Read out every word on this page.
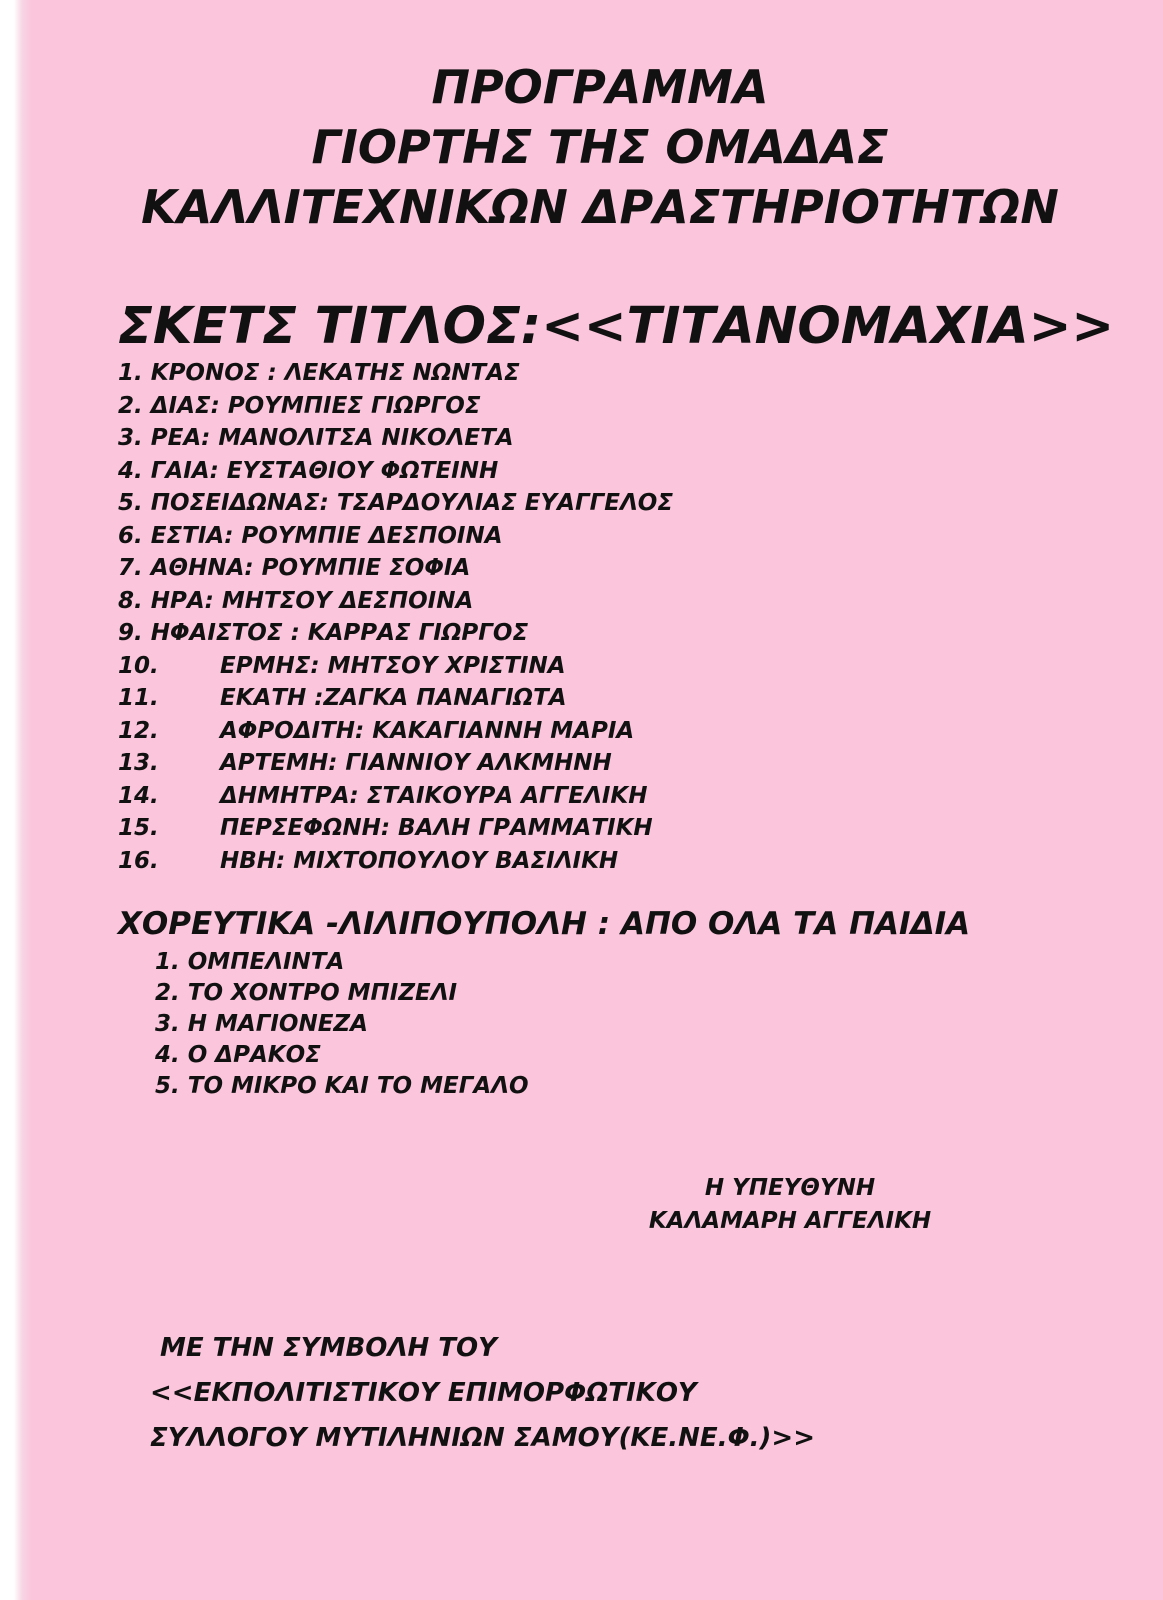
ΠΡΟΓΡΑΜΜΑ
ΓΙΟΡΤΗΣ ΤΗΣ ΟΜΑΔΑΣ
ΚΑΛΛΙΤΕΧΝΙΚΩΝ ΔΡΑΣΤΗΡΙΟΤΗΤΩΝ
ΣΚΕΤΣ ΤΙΤΛΟΣ:<<ΤΙΤΑΝΟΜΑΧΙΑ>>
1. ΚΡΟΝΟΣ : ΛΕΚΑΤΗΣ ΝΩΝΤΑΣ
2. ΔΙΑΣ: ΡΟΥΜΠΙΕΣ ΓΙΩΡΓΟΣ
3. ΡΕΑ: ΜΑΝΟΛΙΤΣΑ ΝΙΚΟΛΕΤΑ
4. ΓΑΙΑ: ΕΥΣΤΑΘΙΟΥ ΦΩΤΕΙΝΗ
5. ΠΟΣΕΙΔΩΝΑΣ: ΤΣΑΡΔΟΥΛΙΑΣ ΕΥΑΓΓΕΛΟΣ
6. ΕΣΤΙΑ: ΡΟΥΜΠΙΕ ΔΕΣΠΟΙΝΑ
7. ΑΘΗΝΑ: ΡΟΥΜΠΙΕ ΣΟΦΙΑ
8. ΗΡΑ: ΜΗΤΣΟΥ ΔΕΣΠΟΙΝΑ
9. ΗΦΑΙΣΤΟΣ : ΚΑΡΡΑΣ ΓΙΩΡΓΟΣ
10.	ΕΡΜΗΣ: ΜΗΤΣΟΥ ΧΡΙΣΤΙΝΑ
11.	ΕΚΑΤΗ :ΖΑΓΚΑ ΠΑΝΑΓΙΩΤΑ
12.	ΑΦΡΟΔΙΤΗ: ΚΑΚΑΓΙΑΝΝΗ ΜΑΡΙΑ
13.	ΑΡΤΕΜΗ: ΓΙΑΝΝΙΟΥ ΑΛΚΜΗΝΗ
14.	ΔΗΜΗΤΡΑ: ΣΤΑΙΚΟΥΡΑ ΑΓΓΕΛΙΚΗ
15.	ΠΕΡΣΕΦΩΝΗ: ΒΑΛΗ ΓΡΑΜΜΑΤΙΚΗ
16.	ΗΒΗ: ΜΙΧΤΟΠΟΥΛΟΥ ΒΑΣΙΛΙΚΗ
ΧΟΡΕΥΤΙΚΑ -ΛΙΛΙΠΟΥΠΟΛΗ : ΑΠΟ ΟΛΑ ΤΑ ΠΑΙΔΙΑ
1. ΟΜΠΕΛΙΝΤΑ
2. ΤΟ ΧΟΝΤΡΟ ΜΠΙΖΕΛΙ
3. Η ΜΑΓΙΟΝΕΖΑ
4. Ο ΔΡΑΚΟΣ
5. ΤΟ ΜΙΚΡΟ ΚΑΙ ΤΟ ΜΕΓΑΛΟ
Η ΥΠΕΥΘΥΝΗ
ΚΑΛΑΜΑΡΗ ΑΓΓΕΛΙΚΗ
ΜΕ ΤΗΝ ΣΥΜΒΟΛΗ ΤΟΥ
<<ΕΚΠΟΛΙΤΙΣΤΙΚΟΥ ΕΠΙΜΟΡΦΩΤΙΚΟΥ
ΣΥΛΛΟΓΟΥ ΜΥΤΙΛΗΝΙΩΝ ΣΑΜΟΥ(ΚΕ.ΝΕ.Φ.)>>
